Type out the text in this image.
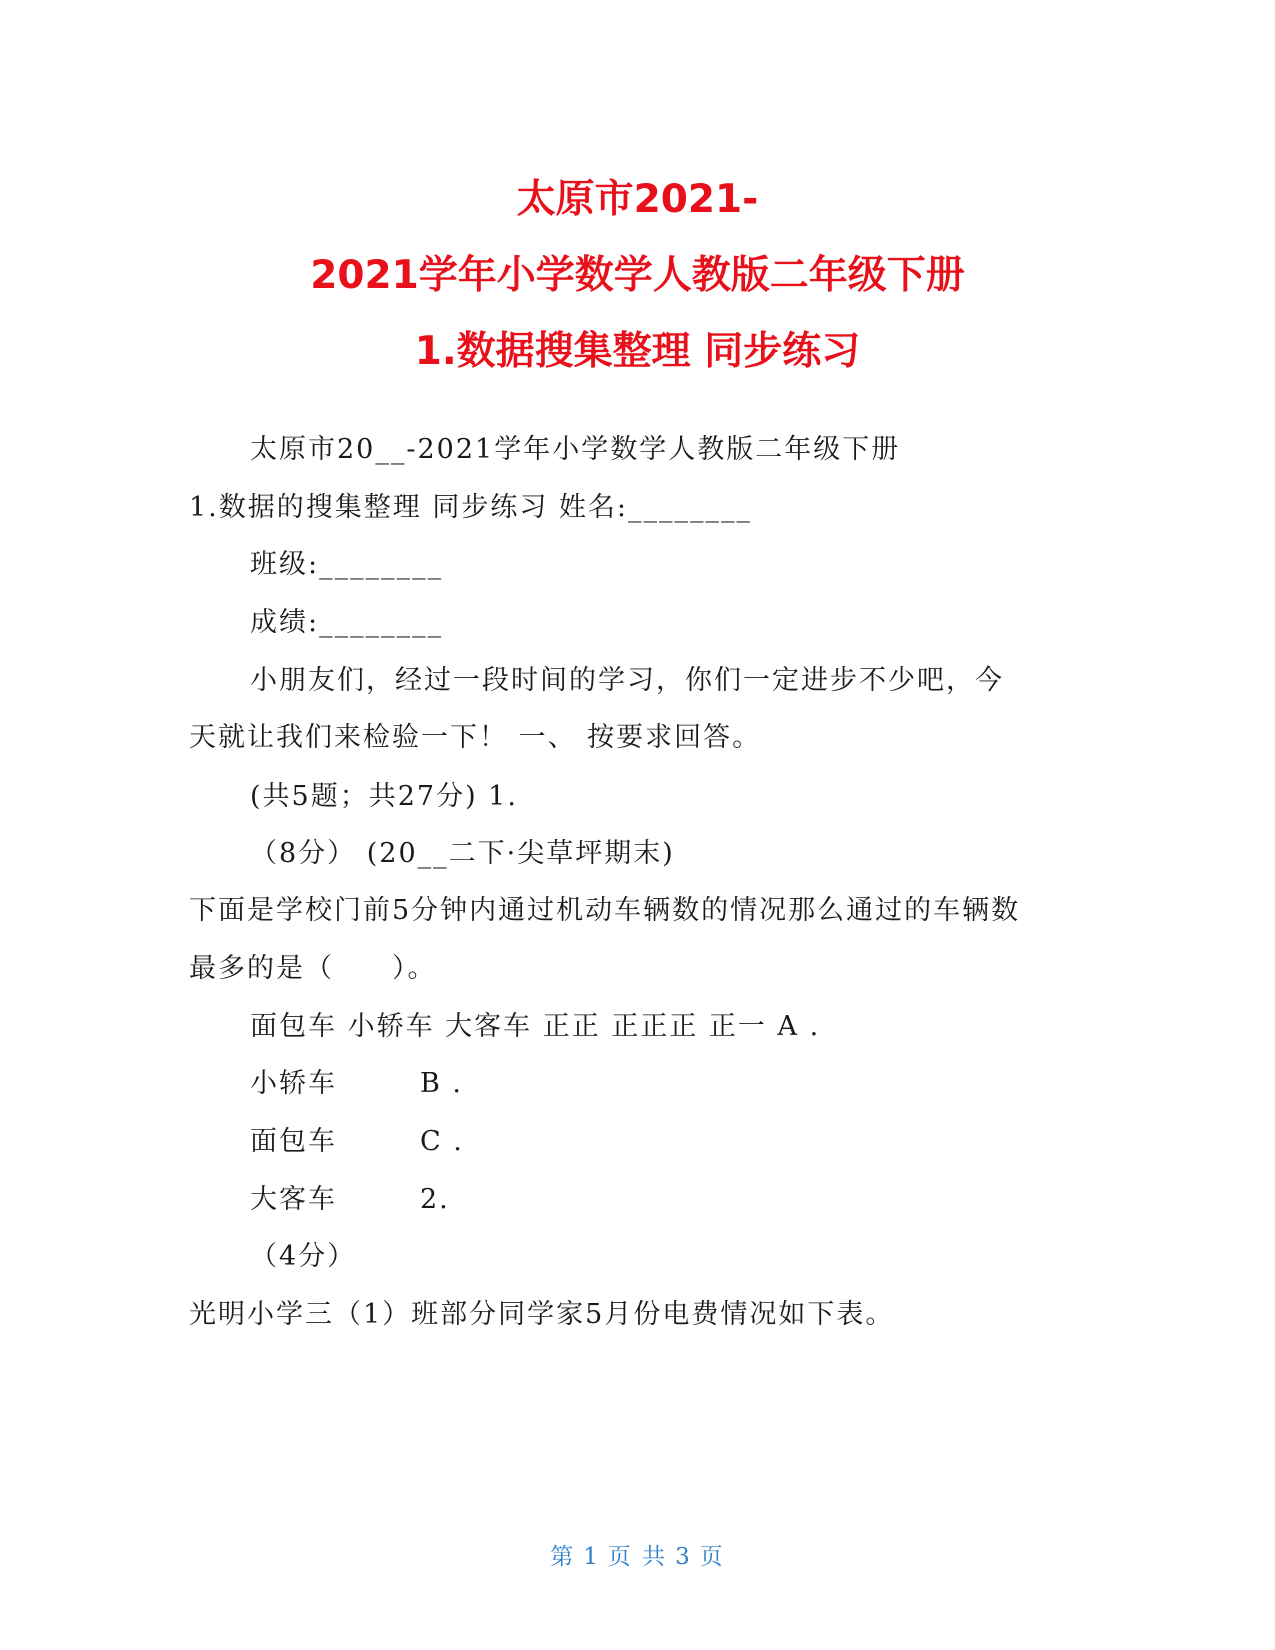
太原市2021-
2021学年小学数学人教版二年级下册
1.数据搜集整理 同步练习
太原市20__-2021学年小学数学人教版二年级下册
1.数据的搜集整理 同步练习 姓名:________
班级:________
成绩:________
小朋友们，经过一段时间的学习，你们一定进步不少吧，今
天就让我们来检验一下！ 一、 按要求回答。
(共5题；共27分) 1.
（8分） (20__二下·尖草坪期末)
下面是学校门前5分钟内通过机动车辆数的情况那么通过的车辆数
最多的是（　　）。
面包车 小轿车 大客车 正正 正正正 正一 A .
小轿车	B .
面包车	C .
大客车	2.
（4分）
光明小学三（1）班部分同学家5月份电费情况如下表。
第 1 页 共 3 页
